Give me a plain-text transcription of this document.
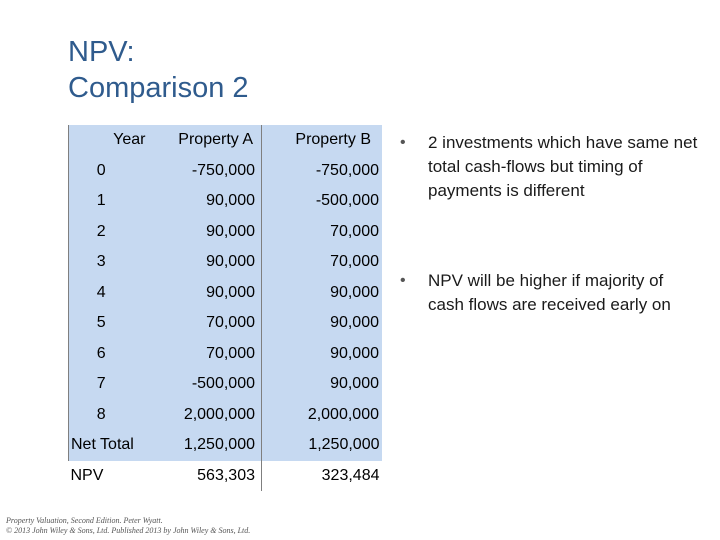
NPV:
Comparison 2
Year	Property A	Property B
0	-750,000	-750,000
1	90,000	-500,000
2	90,000	70,000
3	90,000	70,000
4	90,000	90,000
5	70,000	90,000
6	70,000	90,000
7	-500,000	90,000
8	2,000,000	2,000,000
Net Total	1,250,000	1,250,000
NPV	563,303	323,484
• 2 investments which have same net total cash-flows but timing of payments is different
• NPV will be higher if majority of cash flows are received early on
Property Valuation, Second Edition. Peter Wyatt.
© 2013 John Wiley & Sons, Ltd. Published 2013 by John Wiley & Sons, Ltd.
